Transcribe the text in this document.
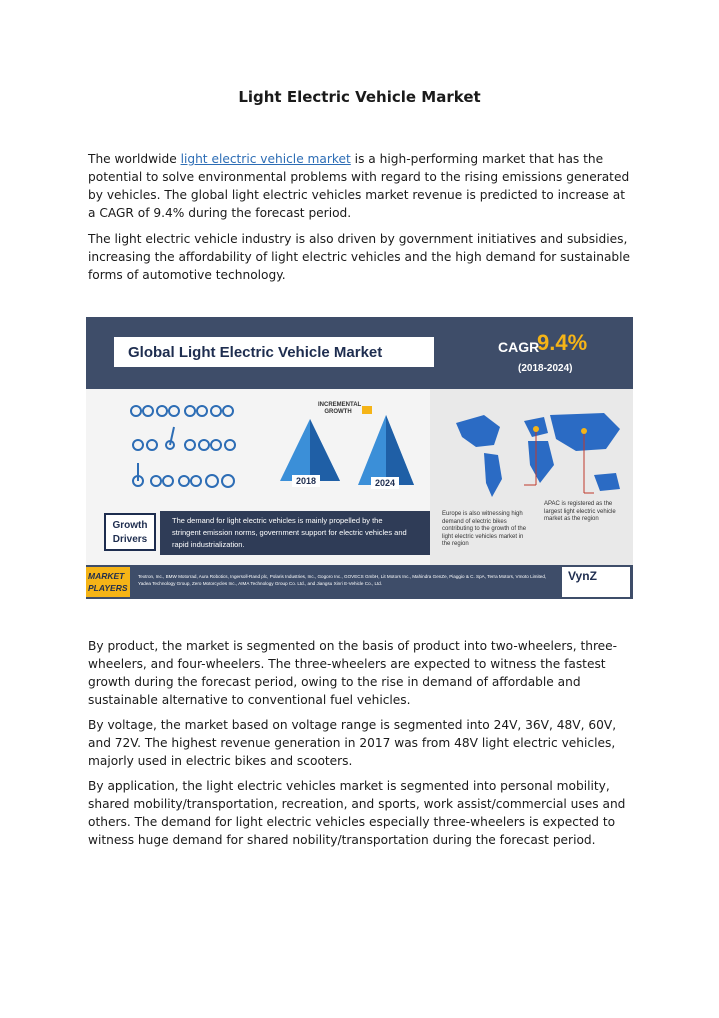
Light Electric Vehicle Market

The worldwide light electric vehicle market is a high-performing market that has the potential to solve environmental problems with regard to the rising emissions generated by vehicles. The global light electric vehicles market revenue is predicted to increase at a CAGR of 9.4% during the forecast period.

The light electric vehicle industry is also driven by government initiatives and subsidies, increasing the affordability of light electric vehicles and the high demand for sustainable forms of automotive technology.

Global Light Electric Vehicle Market	CAGR
9.4%
(2018-2024)
INCREMENTAL GROWTH
2018	2024
Europe is also witnessing high demand of electric bikes contributing to the growth of the light electric vehicles market in the region
APAC is registered as the largest light electric vehicle market as the region
Growth Drivers
The demand for light electric vehicles is mainly propelled by the stringent emission norms, government support for electric vehicles and rapid industrialization.
MARKET PLAYERS
Textron, Inc., BMW Motorrad, Aura Robotics, Ingersoll-Rand plc, Polaris Industries, Inc., Gogoro Inc., GOVECS GmbH, Lit Motors Inc., Mahindra GenZe, Piaggio & C. SpA, Terra Motors, Vmoto Limited, Yadea Technology Group, Zero Motorcycles Inc., AIMA Technology Group Co. Ltd., and Jiangsu Xinri E-Vehicle Co., Ltd.
VynZ

By product, the market is segmented on the basis of product into two-wheelers, three-wheelers, and four-wheelers. The three-wheelers are expected to witness the fastest growth during the forecast period, owing to the rise in demand of affordable and sustainable alternative to conventional fuel vehicles.

By voltage, the market based on voltage range is segmented into 24V, 36V, 48V, 60V, and 72V. The highest revenue generation in 2017 was from 48V light electric vehicles, majorly used in electric bikes and scooters.

By application, the light electric vehicles market is segmented into personal mobility, shared mobility/transportation, recreation, and sports, work assist/commercial uses and others. The demand for light electric vehicles especially three-wheelers is expected to witness huge demand for shared nobility/transportation during the forecast period.
